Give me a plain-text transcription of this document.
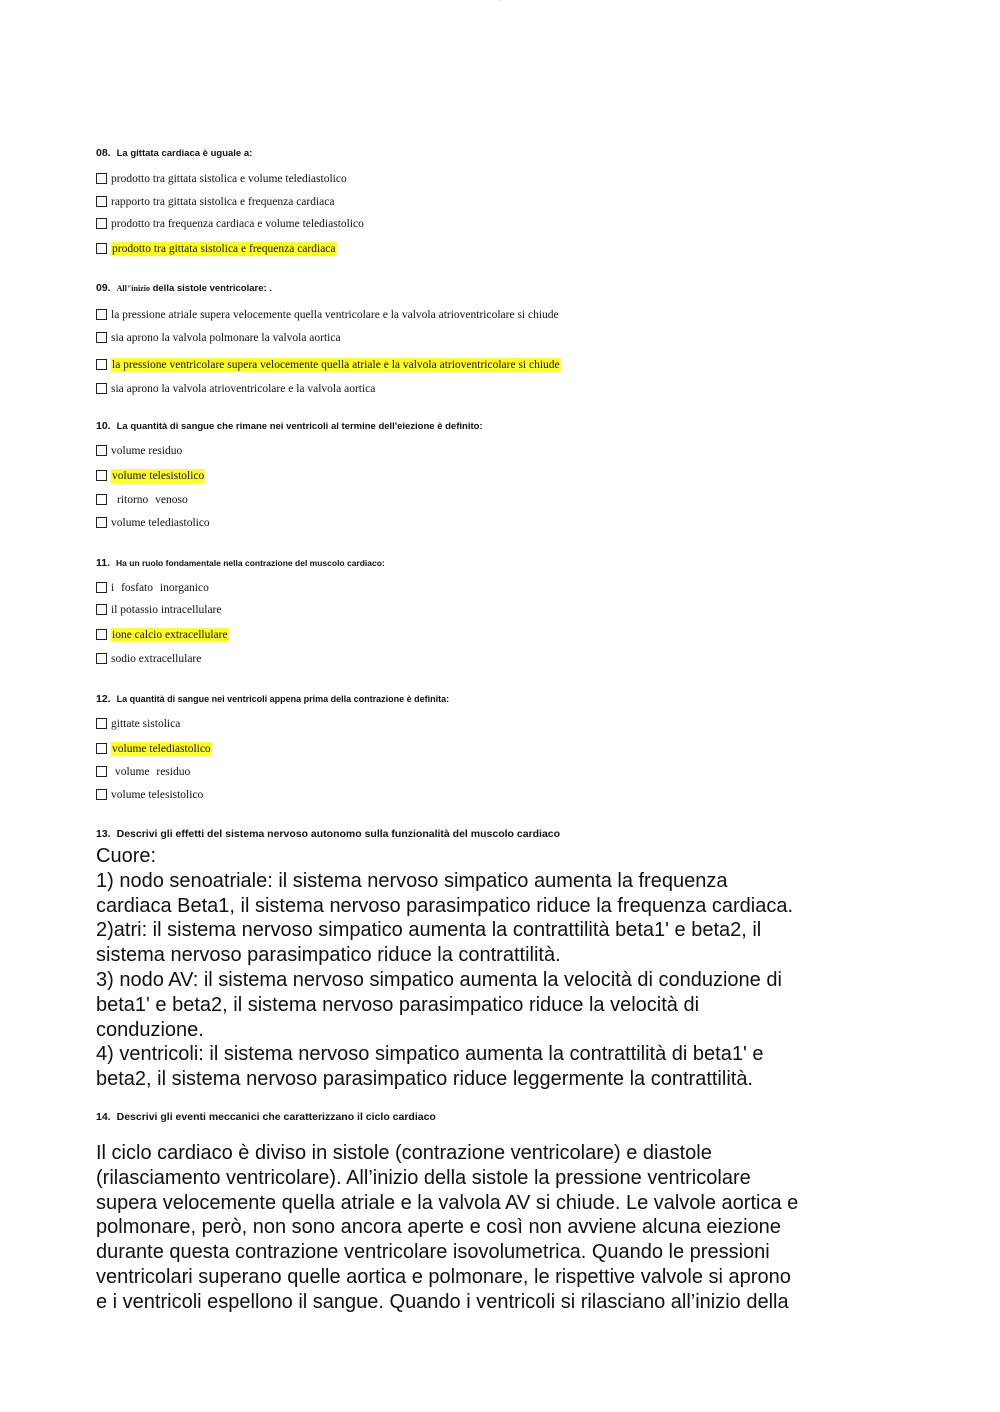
........
08. La gittata cardiaca è uguale a:
prodotto tra gittata sistolica e volume telediastolico
rapporto tra gittata sistolica e frequenza cardiaca
prodotto tra frequenza cardiaca e volume telediastolico
prodotto tra gittata sistolica e frequenza cardiaca
09. All"inizio della sistole ventricolare: .
la pressione atriale supera velocemente quella ventricolare e la valvola atrioventricolare si chiude
sia aprono la valvola polmonare la valvola aortica
la pressione ventricolare supera velocemente quella atriale e la valvola atrioventricolare si chiude
sia aprono la valvola atrioventricolare e la valvola aortica
10. La quantità di sangue che rimane nei ventricoli al termine dell'eiezione è definito:
volume residuo
volume telesistolico
ritorno venoso
volume telediastolico
11. Ha un ruolo fondamentale nella contrazione del muscolo cardiaco:
i fosfato inorganico
il potassio intracellulare
ione calcio extracellulare
sodio extracellulare
12. La quantità di sangue nei ventricoli appena prima della contrazione è definita:
gittate sistolica
volume telediastolico
volume residuo
volume telesistolico
13. Descrivi gli effetti del sistema nervoso autonomo sulla funzionalità del muscolo cardiaco
Cuore:
1) nodo senoatriale: il sistema nervoso simpatico aumenta la frequenza
cardiaca Beta1, il sistema nervoso parasimpatico riduce la frequenza cardiaca.
2)atri: il sistema nervoso simpatico aumenta la contrattilità beta1' e beta2, il
sistema nervoso parasimpatico riduce la contrattilità.
3) nodo AV: il sistema nervoso simpatico aumenta la velocità di conduzione di
beta1' e beta2, il sistema nervoso parasimpatico riduce la velocità di
conduzione.
4) ventricoli: il sistema nervoso simpatico aumenta la contrattilità di beta1' e
beta2, il sistema nervoso parasimpatico riduce leggermente la contrattilità.
14. Descrivi gli eventi meccanici che caratterizzano il ciclo cardiaco
Il ciclo cardiaco è diviso in sistole (contrazione ventricolare) e diastole
(rilasciamento ventricolare). All’inizio della sistole la pressione ventricolare
supera velocemente quella atriale e la valvola AV si chiude. Le valvole aortica e
polmonare, però, non sono ancora aperte e così non avviene alcuna eiezione
durante questa contrazione ventricolare isovolumetrica. Quando le pressioni
ventricolari superano quelle aortica e polmonare, le rispettive valvole si aprono
e i ventricoli espellono il sangue. Quando i ventricoli si rilasciano all’inizio della
